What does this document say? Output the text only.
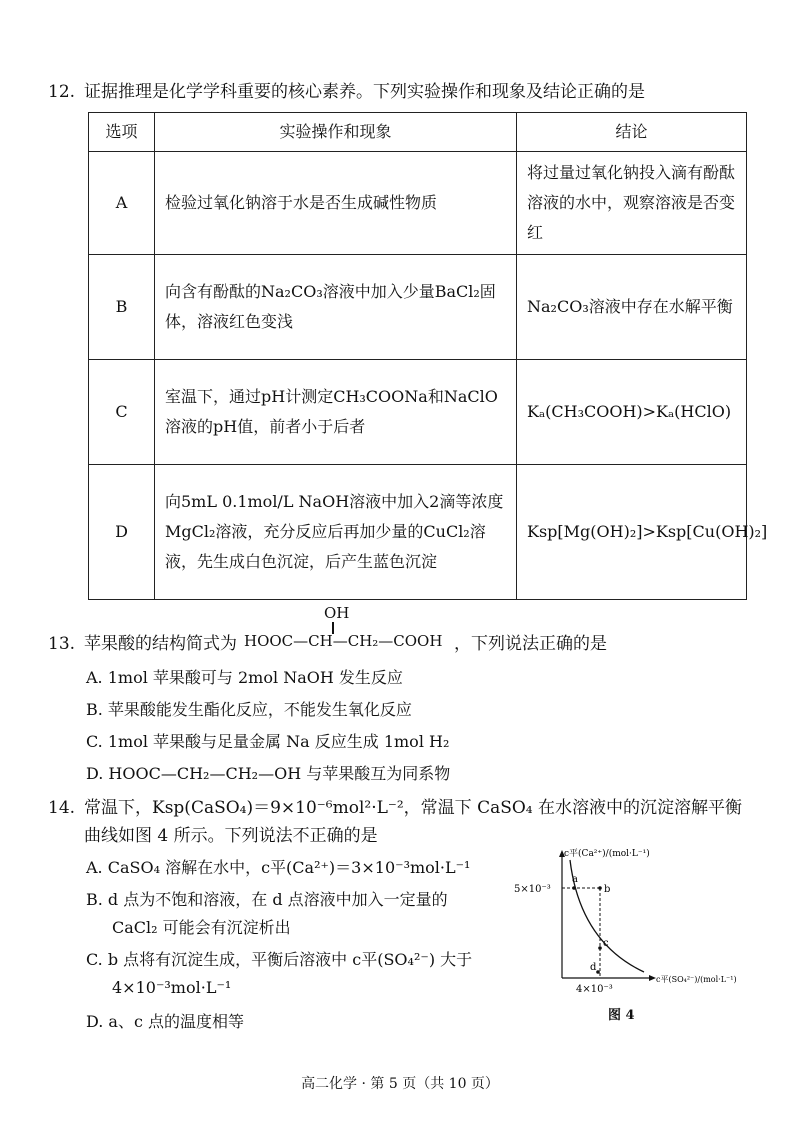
12. 证据推理是化学学科重要的核心素养。下列实验操作和现象及结论正确的是
选项	实验操作和现象	结论
A	检验过氧化钠溶于水是否生成碱性物质	将过量过氧化钠投入滴有酚酞溶液的水中，观察溶液是否变红
B	向含有酚酞的Na₂CO₃溶液中加入少量BaCl₂固体，溶液红色变浅	Na₂CO₃溶液中存在水解平衡
C	室温下，通过pH计测定CH₃COONa和NaClO溶液的pH值，前者小于后者	Kₐ(CH₃COOH)>Kₐ(HClO)
D	向5mL 0.1mol/L NaOH溶液中加入2滴等浓度MgCl₂溶液，充分反应后再加少量的CuCl₂溶液，先生成白色沉淀，后产生蓝色沉淀	Ksp[Mg(OH)₂]>Ksp[Cu(OH)₂]
13. 苹果酸的结构简式为
OH
HOOC—CH—CH₂—COOH ，下列说法正确的是
A. 1mol 苹果酸可与 2mol NaOH 发生反应
B. 苹果酸能发生酯化反应，不能发生氧化反应
C. 1mol 苹果酸与足量金属 Na 反应生成 1mol H₂
D. HOOC—CH₂—CH₂—OH 与苹果酸互为同系物
14. 常温下，Ksp(CaSO₄)＝9×10⁻⁶mol²·L⁻²，常温下 CaSO₄ 在水溶液中的沉淀溶解平衡
曲线如图 4 所示。下列说法不正确的是
A. CaSO₄ 溶解在水中，c平(Ca²⁺)＝3×10⁻³mol·L⁻¹
B. d 点为不饱和溶液，在 d 点溶液中加入一定量的
CaCl₂ 可能会有沉淀析出
C. b 点将有沉淀生成，平衡后溶液中 c平(SO₄²⁻) 大于
4×10⁻³mol·L⁻¹
D. a、c 点的温度相等
a
b
c
d
c平(Ca²⁺)/(mol·L⁻¹)
5×10⁻³
4×10⁻³
c平(SO₄²⁻)/(mol·L⁻¹)
图 4
高二化学 · 第 5 页（共 10 页）
